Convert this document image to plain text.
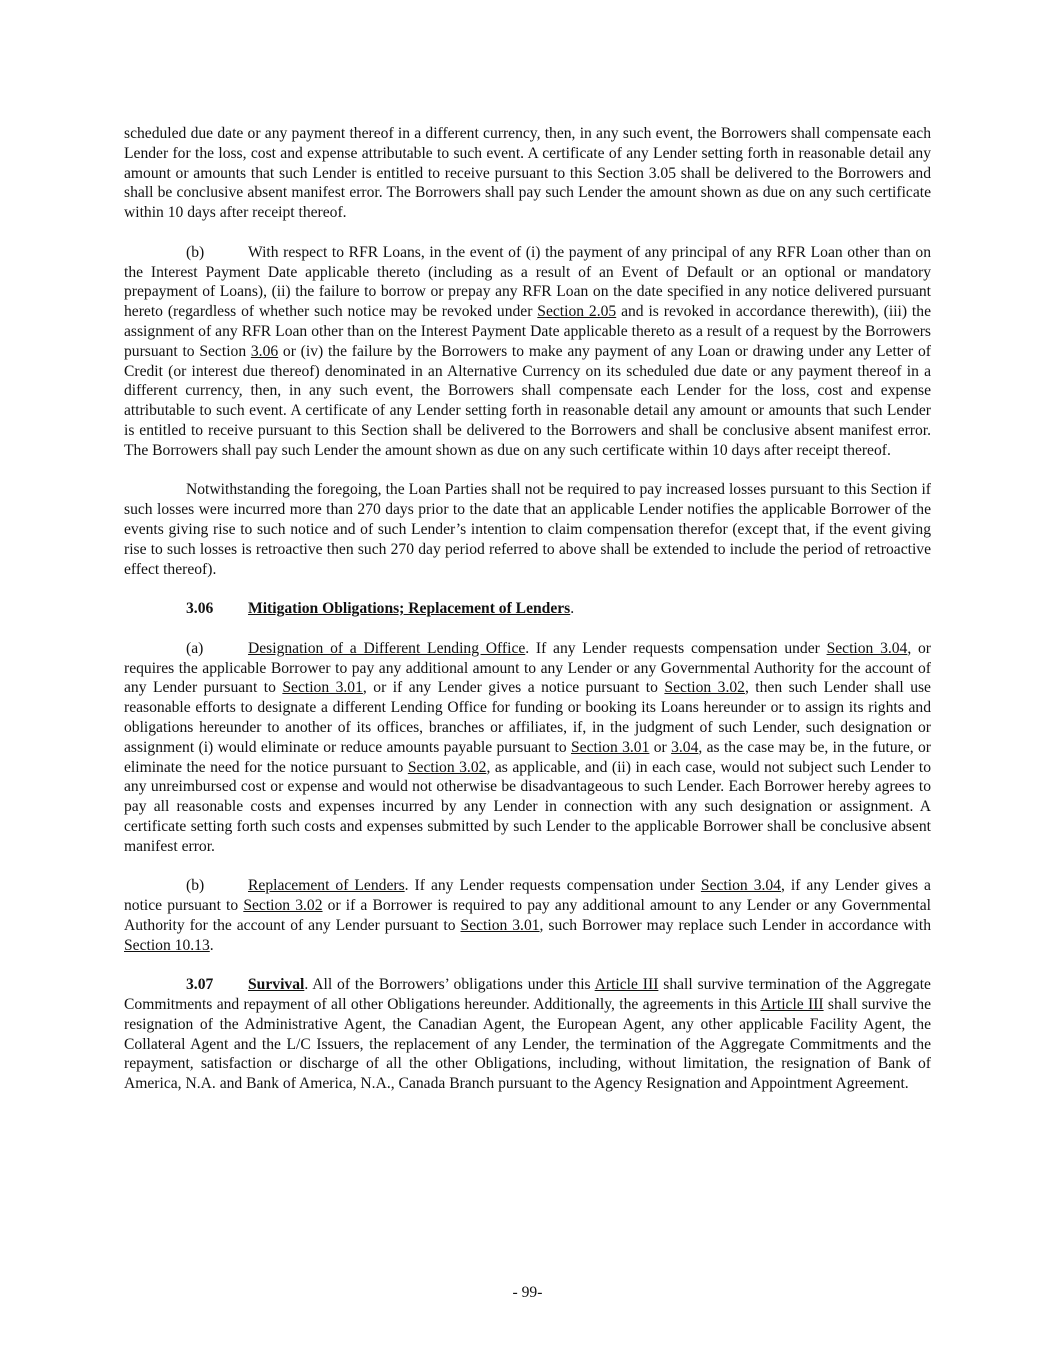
scheduled due date or any payment thereof in a different currency, then, in any such event, the Borrowers shall compensate each Lender for the loss, cost and expense attributable to such event. A certificate of any Lender setting forth in reasonable detail any amount or amounts that such Lender is entitled to receive pursuant to this Section 3.05 shall be delivered to the Borrowers and shall be conclusive absent manifest error. The Borrowers shall pay such Lender the amount shown as due on any such certificate within 10 days after receipt thereof.

(b)	With respect to RFR Loans, in the event of (i) the payment of any principal of any RFR Loan other than on the Interest Payment Date applicable thereto (including as a result of an Event of Default or an optional or mandatory prepayment of Loans), (ii) the failure to borrow or prepay any RFR Loan on the date specified in any notice delivered pursuant hereto (regardless of whether such notice may be revoked under Section 2.05 and is revoked in accordance therewith), (iii) the assignment of any RFR Loan other than on the Interest Payment Date applicable thereto as a result of a request by the Borrowers pursuant to Section 3.06 or (iv) the failure by the Borrowers to make any payment of any Loan or drawing under any Letter of Credit (or interest due thereof) denominated in an Alternative Currency on its scheduled due date or any payment thereof in a different currency, then, in any such event, the Borrowers shall compensate each Lender for the loss, cost and expense attributable to such event. A certificate of any Lender setting forth in reasonable detail any amount or amounts that such Lender is entitled to receive pursuant to this Section shall be delivered to the Borrowers and shall be conclusive absent manifest error. The Borrowers shall pay such Lender the amount shown as due on any such certificate within 10 days after receipt thereof.

Notwithstanding the foregoing, the Loan Parties shall not be required to pay increased losses pursuant to this Section if such losses were incurred more than 270 days prior to the date that an applicable Lender notifies the applicable Borrower of the events giving rise to such notice and of such Lender’s intention to claim compensation therefor (except that, if the event giving rise to such losses is retroactive then such 270 day period referred to above shall be extended to include the period of retroactive effect thereof).

3.06 Mitigation Obligations; Replacement of Lenders.

(a)	Designation of a Different Lending Office. If any Lender requests compensation under Section 3.04, or requires the applicable Borrower to pay any additional amount to any Lender or any Governmental Authority for the account of any Lender pursuant to Section 3.01, or if any Lender gives a notice pursuant to Section 3.02, then such Lender shall use reasonable efforts to designate a different Lending Office for funding or booking its Loans hereunder or to assign its rights and obligations hereunder to another of its offices, branches or affiliates, if, in the judgment of such Lender, such designation or assignment (i) would eliminate or reduce amounts payable pursuant to Section 3.01 or 3.04, as the case may be, in the future, or eliminate the need for the notice pursuant to Section 3.02, as applicable, and (ii) in each case, would not subject such Lender to any unreimbursed cost or expense and would not otherwise be disadvantageous to such Lender. Each Borrower hereby agrees to pay all reasonable costs and expenses incurred by any Lender in connection with any such designation or assignment. A certificate setting forth such costs and expenses submitted by such Lender to the applicable Borrower shall be conclusive absent manifest error.

(b)	Replacement of Lenders. If any Lender requests compensation under Section 3.04, if any Lender gives a notice pursuant to Section 3.02 or if a Borrower is required to pay any additional amount to any Lender or any Governmental Authority for the account of any Lender pursuant to Section 3.01, such Borrower may replace such Lender in accordance with Section 10.13.

3.07 Survival. All of the Borrowers’ obligations under this Article III shall survive termination of the Aggregate Commitments and repayment of all other Obligations hereunder. Additionally, the agreements in this Article III shall survive the resignation of the Administrative Agent, the Canadian Agent, the European Agent, any other applicable Facility Agent, the Collateral Agent and the L/C Issuers, the replacement of any Lender, the termination of the Aggregate Commitments and the repayment, satisfaction or discharge of all the other Obligations, including, without limitation, the resignation of Bank of America, N.A. and Bank of America, N.A., Canada Branch pursuant to the Agency Resignation and Appointment Agreement.

- 99-
